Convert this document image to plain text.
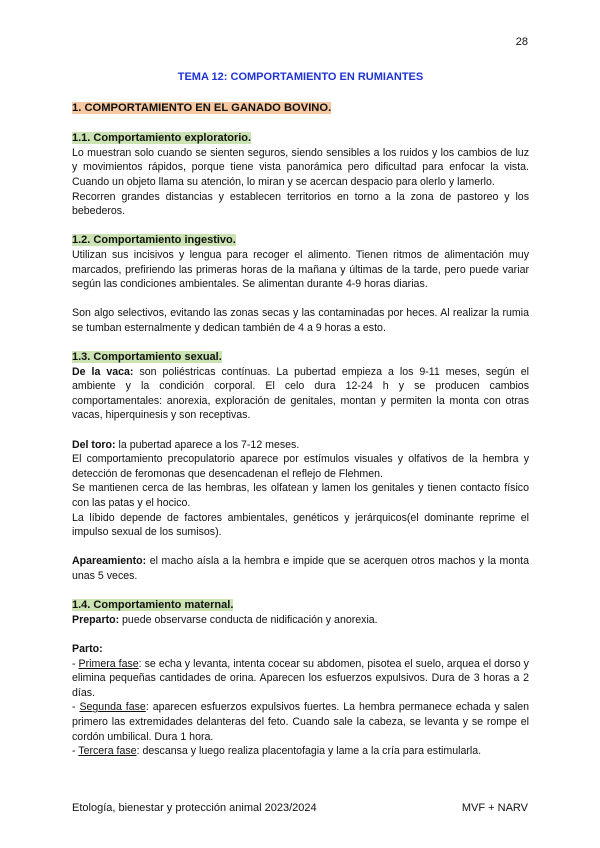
28
TEMA 12: COMPORTAMIENTO EN RUMIANTES
1. COMPORTAMIENTO EN EL GANADO BOVINO.
1.1. Comportamiento exploratorio.

Lo muestran solo cuando se sienten seguros, siendo sensibles a los ruidos y los cambios de luz y movimientos rápidos, porque tiene vista panorámica pero dificultad para enfocar la vista. Cuando un objeto llama su atención, lo miran y se acercan despacio para olerlo y lamerlo.

Recorren grandes distancias y establecen territorios en torno a la zona de pastoreo y los bebederos.

1.2. Comportamiento ingestivo.

Utilizan sus incisivos y lengua para recoger el alimento. Tienen ritmos de alimentación muy marcados, prefiriendo las primeras horas de la mañana y últimas de la tarde, pero puede variar según las condiciones ambientales. Se alimentan durante 4-9 horas diarias.

Son algo selectivos, evitando las zonas secas y las contaminadas por heces. Al realizar la rumia se tumban esternalmente y dedican también de 4 a 9 horas a esto.

1.3. Comportamiento sexual.

De la vaca: son poliéstricas contínuas. La pubertad empieza a los 9-11 meses, según el ambiente y la condición corporal. El celo dura 12-24 h y se producen cambios comportamentales: anorexia, exploración de genitales, montan y permiten la monta con otras vacas, hiperquinesis y son receptivas.

Del toro: la pubertad aparece a los 7-12 meses.

El comportamiento precopulatorio aparece por estímulos visuales y olfativos de la hembra y detección de feromonas que desencadenan el reflejo de Flehmen.

Se mantienen cerca de las hembras, les olfatean y lamen los genitales y tienen contacto físico con las patas y el hocico.

La líbido depende de factores ambientales, genéticos y jerárquicos(el dominante reprime el impulso sexual de los sumisos).

Apareamiento: el macho aísla a la hembra e impide que se acerquen otros machos y la monta unas 5 veces.

1.4. Comportamiento maternal.

Preparto: puede observarse conducta de nidificación y anorexia.

Parto:

- Primera fase: se echa y levanta, intenta cocear su abdomen, pisotea el suelo, arquea el dorso y elimina pequeñas cantidades de orina. Aparecen los esfuerzos expulsivos. Dura de 3 horas a 2 días.

- Segunda fase: aparecen esfuerzos expulsivos fuertes. La hembra permanece echada y salen primero las extremidades delanteras del feto. Cuando sale la cabeza, se levanta y se rompe el cordón umbilical. Dura 1 hora.

- Tercera fase: descansa y luego realiza placentofagia y lame a la cría para estimularla.

Etología, bienestar y protección animal 2023/2024	MVF + NARV
